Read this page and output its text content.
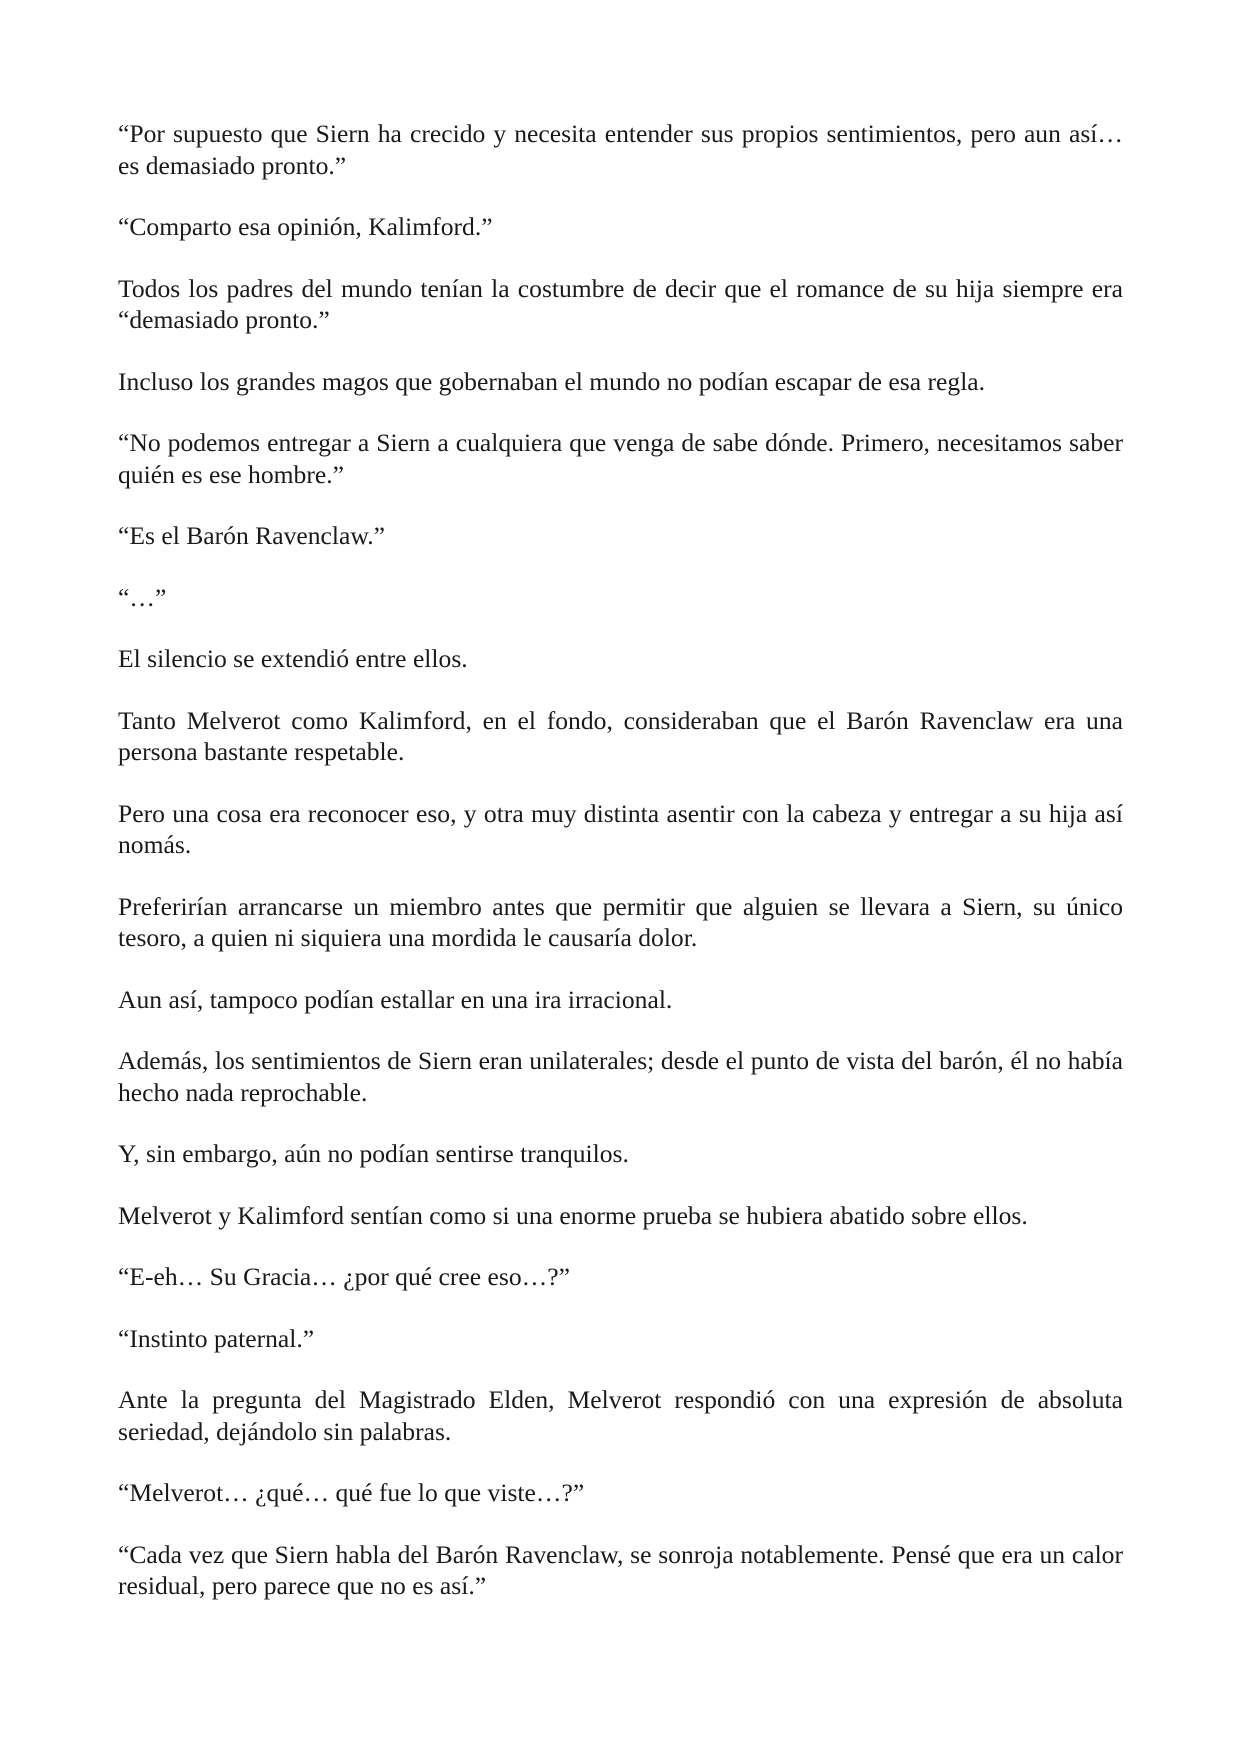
“Por supuesto que Siern ha crecido y necesita entender sus propios sentimientos, pero aun así… es demasiado pronto.”

“Comparto esa opinión, Kalimford.”

Todos los padres del mundo tenían la costumbre de decir que el romance de su hija siempre era “demasiado pronto.”

Incluso los grandes magos que gobernaban el mundo no podían escapar de esa regla.

“No podemos entregar a Siern a cualquiera que venga de sabe dónde. Primero, necesitamos saber quién es ese hombre.”

“Es el Barón Ravenclaw.”

“…”

El silencio se extendió entre ellos.

Tanto Melverot como Kalimford, en el fondo, consideraban que el Barón Ravenclaw era una persona bastante respetable.

Pero una cosa era reconocer eso, y otra muy distinta asentir con la cabeza y entregar a su hija así nomás.

Preferirían arrancarse un miembro antes que permitir que alguien se llevara a Siern, su único tesoro, a quien ni siquiera una mordida le causaría dolor.

Aun así, tampoco podían estallar en una ira irracional.

Además, los sentimientos de Siern eran unilaterales; desde el punto de vista del barón, él no había hecho nada reprochable.

Y, sin embargo, aún no podían sentirse tranquilos.

Melverot y Kalimford sentían como si una enorme prueba se hubiera abatido sobre ellos.

“E-eh… Su Gracia… ¿por qué cree eso…?”

“Instinto paternal.”

Ante la pregunta del Magistrado Elden, Melverot respondió con una expresión de absoluta seriedad, dejándolo sin palabras.

“Melverot… ¿qué… qué fue lo que viste…?”

“Cada vez que Siern habla del Barón Ravenclaw, se sonroja notablemente. Pensé que era un calor residual, pero parece que no es así.”
